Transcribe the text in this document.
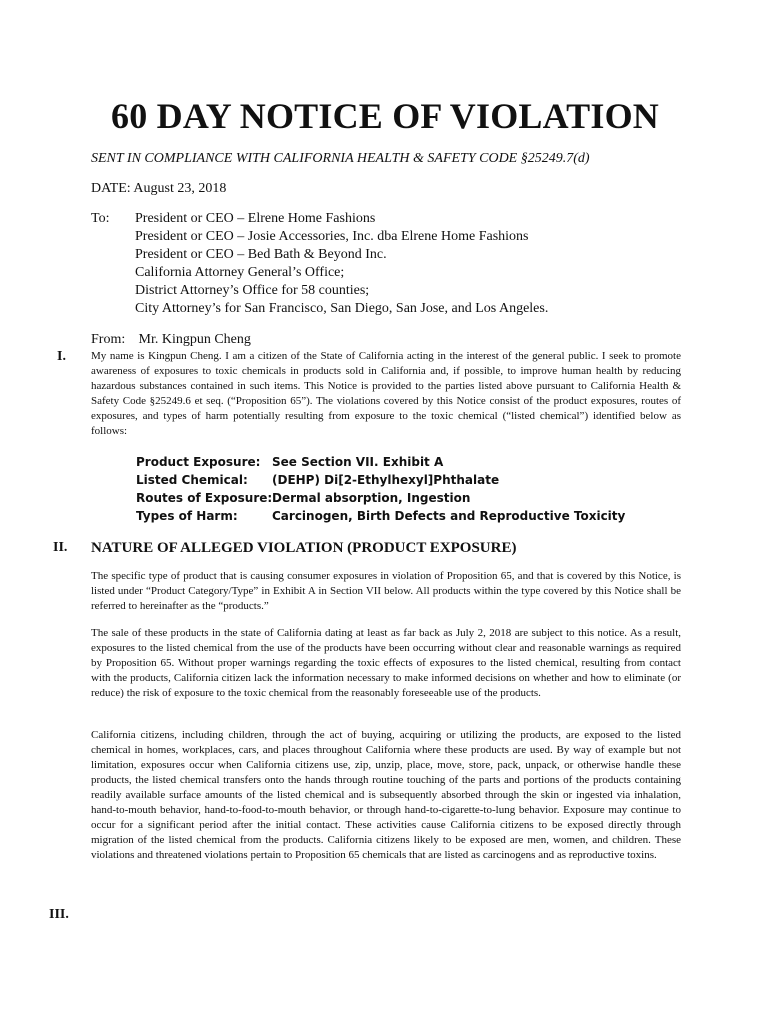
60 DAY NOTICE OF VIOLATION
SENT IN COMPLIANCE WITH CALIFORNIA HEALTH & SAFETY CODE §25249.7(d)
DATE: August 23, 2018
To: President or CEO – Elrene Home Fashions
President or CEO – Josie Accessories, Inc. dba Elrene Home Fashions
President or CEO – Bed Bath & Beyond Inc.
California Attorney General’s Office;
District Attorney’s Office for 58 counties;
City Attorney’s for San Francisco, San Diego, San Jose, and Los Angeles.
From: Mr. Kingpun Cheng
I. My name is Kingpun Cheng. I am a citizen of the State of California acting in the interest of the general public. I seek to promote awareness of exposures to toxic chemicals in products sold in California and, if possible, to improve human health by reducing hazardous substances contained in such items. This Notice is provided to the parties listed above pursuant to California Health & Safety Code §25249.6 et seq. (“Proposition 65”). The violations covered by this Notice consist of the product exposures, routes of exposures, and types of harm potentially resulting from exposure to the toxic chemical (“listed chemical”) identified below as follows:
Product Exposure: See Section VII. Exhibit A
Listed Chemical:	(DEHP) Di[2-Ethylhexyl]Phthalate
Routes of Exposure: Dermal absorption, Ingestion
Types of Harm:	Carcinogen, Birth Defects and Reproductive Toxicity
II. NATURE OF ALLEGED VIOLATION (PRODUCT EXPOSURE)
The specific type of product that is causing consumer exposures in violation of Proposition 65, and that is covered by this Notice, is listed under “Product Category/Type” in Exhibit A in Section VII below. All products within the type covered by this Notice shall be referred to hereinafter as the “products.”
The sale of these products in the state of California dating at least as far back as July 2, 2018 are subject to this notice. As a result, exposures to the listed chemical from the use of the products have been occurring without clear and reasonable warnings as required by Proposition 65. Without proper warnings regarding the toxic effects of exposures to the listed chemical, resulting from contact with the products, California citizen lack the information necessary to make informed decisions on whether and how to eliminate (or reduce) the risk of exposure to the toxic chemical from the reasonably foreseeable use of the products.
California citizens, including children, through the act of buying, acquiring or utilizing the products, are exposed to the listed chemical in homes, workplaces, cars, and places throughout California where these products are used. By way of example but not limitation, exposures occur when California citizens use, zip, unzip, place, move, store, pack, unpack, or otherwise handle these products, the listed chemical transfers onto the hands through routine touching of the parts and portions of the products containing readily available surface amounts of the listed chemical and is subsequently absorbed through the skin or ingested via inhalation, hand-to-mouth behavior, hand-to-food-to-mouth behavior, or through hand-to-cigarette-to-lung behavior. Exposure may continue to occur for a significant period after the initial contact. These activities cause California citizens to be exposed directly through migration of the listed chemical from the products. California citizens likely to be exposed are men, women, and children. These violations and threatened violations pertain to Proposition 65 chemicals that are listed as carcinogens and as reproductive toxins.
III.
